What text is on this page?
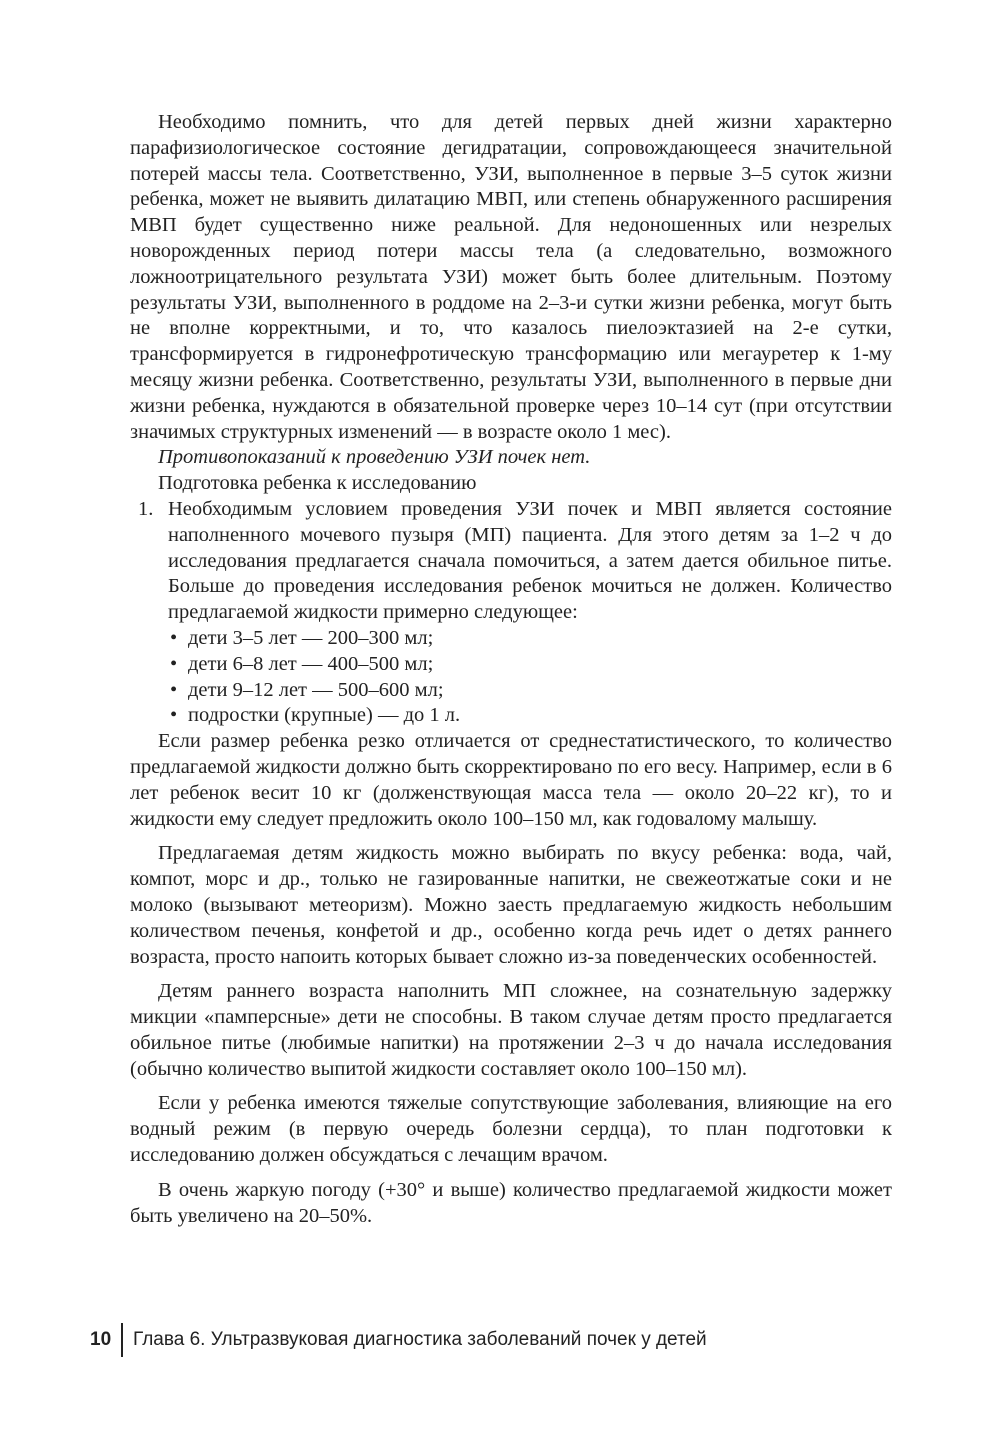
Необходимо помнить, что для детей первых дней жизни характерно парафизиологическое состояние дегидратации, сопровождающееся значительной потерей массы тела. Соответственно, УЗИ, выполненное в первые 3–5 суток жизни ребенка, может не выявить дилатацию МВП, или степень обнаруженного расширения МВП будет существенно ниже реальной. Для недоношенных или незрелых новорожденных период потери массы тела (а следовательно, возможного ложноотрицательного результата УЗИ) может быть более длительным. Поэтому результаты УЗИ, выполненного в роддоме на 2–3-и сутки жизни ребенка, могут быть не вполне корректными, и то, что казалось пиелоэктазией на 2-е сутки, трансформируется в гидронефротическую трансформацию или мегауретер к 1-му месяцу жизни ребенка. Соответственно, результаты УЗИ, выполненного в первые дни жизни ребенка, нуждаются в обязательной проверке через 10–14 сут (при отсутствии значимых структурных изменений — в возрасте около 1 мес).

Противопоказаний к проведению УЗИ почек нет.

Подготовка ребенка к исследованию

1. Необходимым условием проведения УЗИ почек и МВП является состояние наполненного мочевого пузыря (МП) пациента. Для этого детям за 1–2 ч до исследования предлагается сначала помочиться, а затем дается обильное питье. Больше до проведения исследования ребенок мочиться не должен. Количество предлагаемой жидкости примерно следующее:

• дети 3–5 лет — 200–300 мл;
• дети 6–8 лет — 400–500 мл;
• дети 9–12 лет — 500–600 мл;
• подростки (крупные) — до 1 л.

Если размер ребенка резко отличается от среднестатистического, то количество предлагаемой жидкости должно быть скорректировано по его весу. Например, если в 6 лет ребенок весит 10 кг (долженствующая масса тела — около 20–22 кг), то и жидкости ему следует предложить около 100–150 мл, как годовалому малышу.

Предлагаемая детям жидкость можно выбирать по вкусу ребенка: вода, чай, компот, морс и др., только не газированные напитки, не свежеотжатые соки и не молоко (вызывают метеоризм). Можно заесть предлагаемую жидкость небольшим количеством печенья, конфетой и др., особенно когда речь идет о детях раннего возраста, просто напоить которых бывает сложно из-за поведенческих особенностей.

Детям раннего возраста наполнить МП сложнее, на сознательную задержку микции «памперсные» дети не способны. В таком случае детям просто предлагается обильное питье (любимые напитки) на протяжении 2–3 ч до начала исследования (обычно количество выпитой жидкости составляет около 100–150 мл).

Если у ребенка имеются тяжелые сопутствующие заболевания, влияющие на его водный режим (в первую очередь болезни сердца), то план подготовки к исследованию должен обсуждаться с лечащим врачом.

В очень жаркую погоду (+30° и выше) количество предлагаемой жидкости может быть увеличено на 20–50%.

10 Глава 6. Ультразвуковая диагностика заболеваний почек у детей
